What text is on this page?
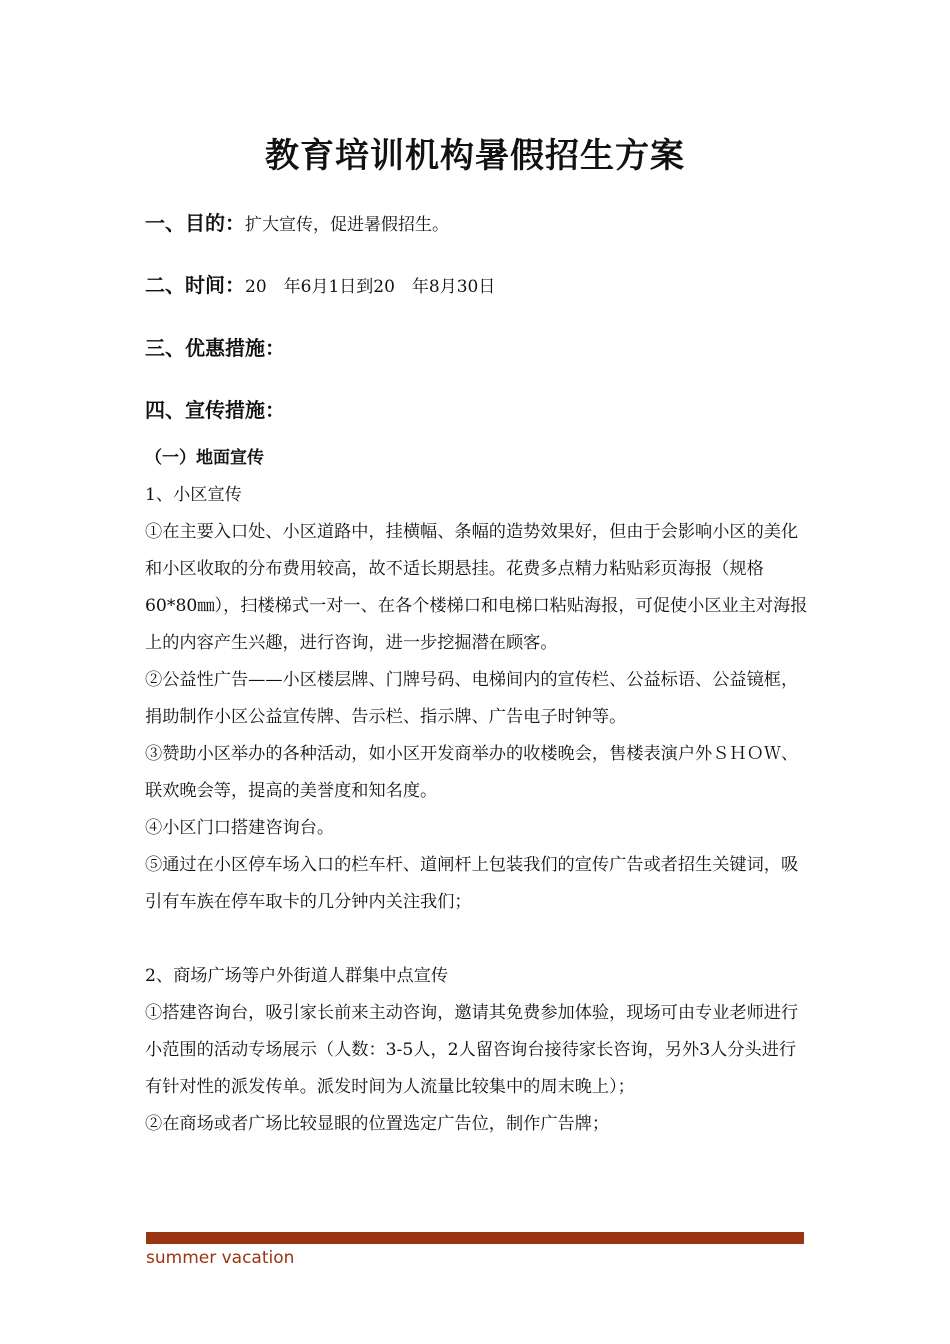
教育培训机构暑假招生方案
一、目的：扩大宣传，促进暑假招生。
二、时间：20　年6月1日到20　年8月30日
三、优惠措施：
四、宣传措施：

（一）地面宣传

1、小区宣传

①在主要入口处、小区道路中，挂横幅、条幅的造势效果好，但由于会影响小区的美化和小区收取的分布费用较高，故不适长期悬挂。花费多点精力粘贴彩页海报（规格60*80㎜），扫楼梯式一对一、在各个楼梯口和电梯口粘贴海报，可促使小区业主对海报上的内容产生兴趣，进行咨询，进一步挖掘潜在顾客。

②公益性广告——小区楼层牌、门牌号码、电梯间内的宣传栏、公益标语、公益镜框，捐助制作小区公益宣传牌、告示栏、指示牌、广告电子时钟等。

③赞助小区举办的各种活动，如小区开发商举办的收楼晚会，售楼表演户外ＳＨＯＷ、联欢晚会等，提高的美誉度和知名度。

④小区门口搭建咨询台。

⑤通过在小区停车场入口的栏车杆、道闸杆上包装我们的宣传广告或者招生关键词，吸引有车族在停车取卡的几分钟内关注我们；

2、商场广场等户外街道人群集中点宣传

①搭建咨询台，吸引家长前来主动咨询，邀请其免费参加体验，现场可由专业老师进行小范围的活动专场展示（人数：3-5人，2人留咨询台接待家长咨询，另外3人分头进行有针对性的派发传单。派发时间为人流量比较集中的周末晚上）；

②在商场或者广场比较显眼的位置选定广告位，制作广告牌；

summer vacation
